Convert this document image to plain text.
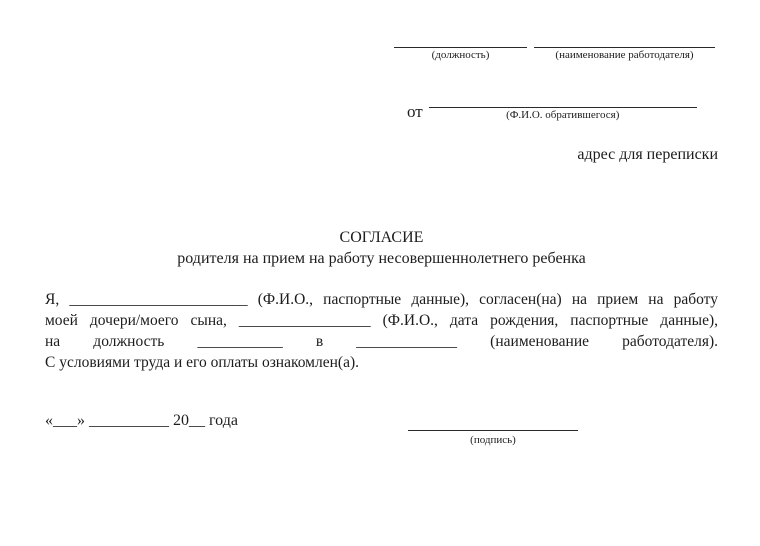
(должность)	(наименование работодателя)
от	(Ф.И.О. обратившегося)
адрес для переписки
СОГЛАСИЕ
родителя на прием на работу несовершеннолетнего ребенка
Я, _______________________ (Ф.И.О., паспортные данные), согласен(на) на прием на работу
моей дочери/моего сына, _________________ (Ф.И.О., дата рождения, паспортные данные),
на должность ___________ в _____________ (наименование работодателя).
С условиями труда и его оплаты ознакомлен(а).
«___» __________ 20__ года
(подпись)
